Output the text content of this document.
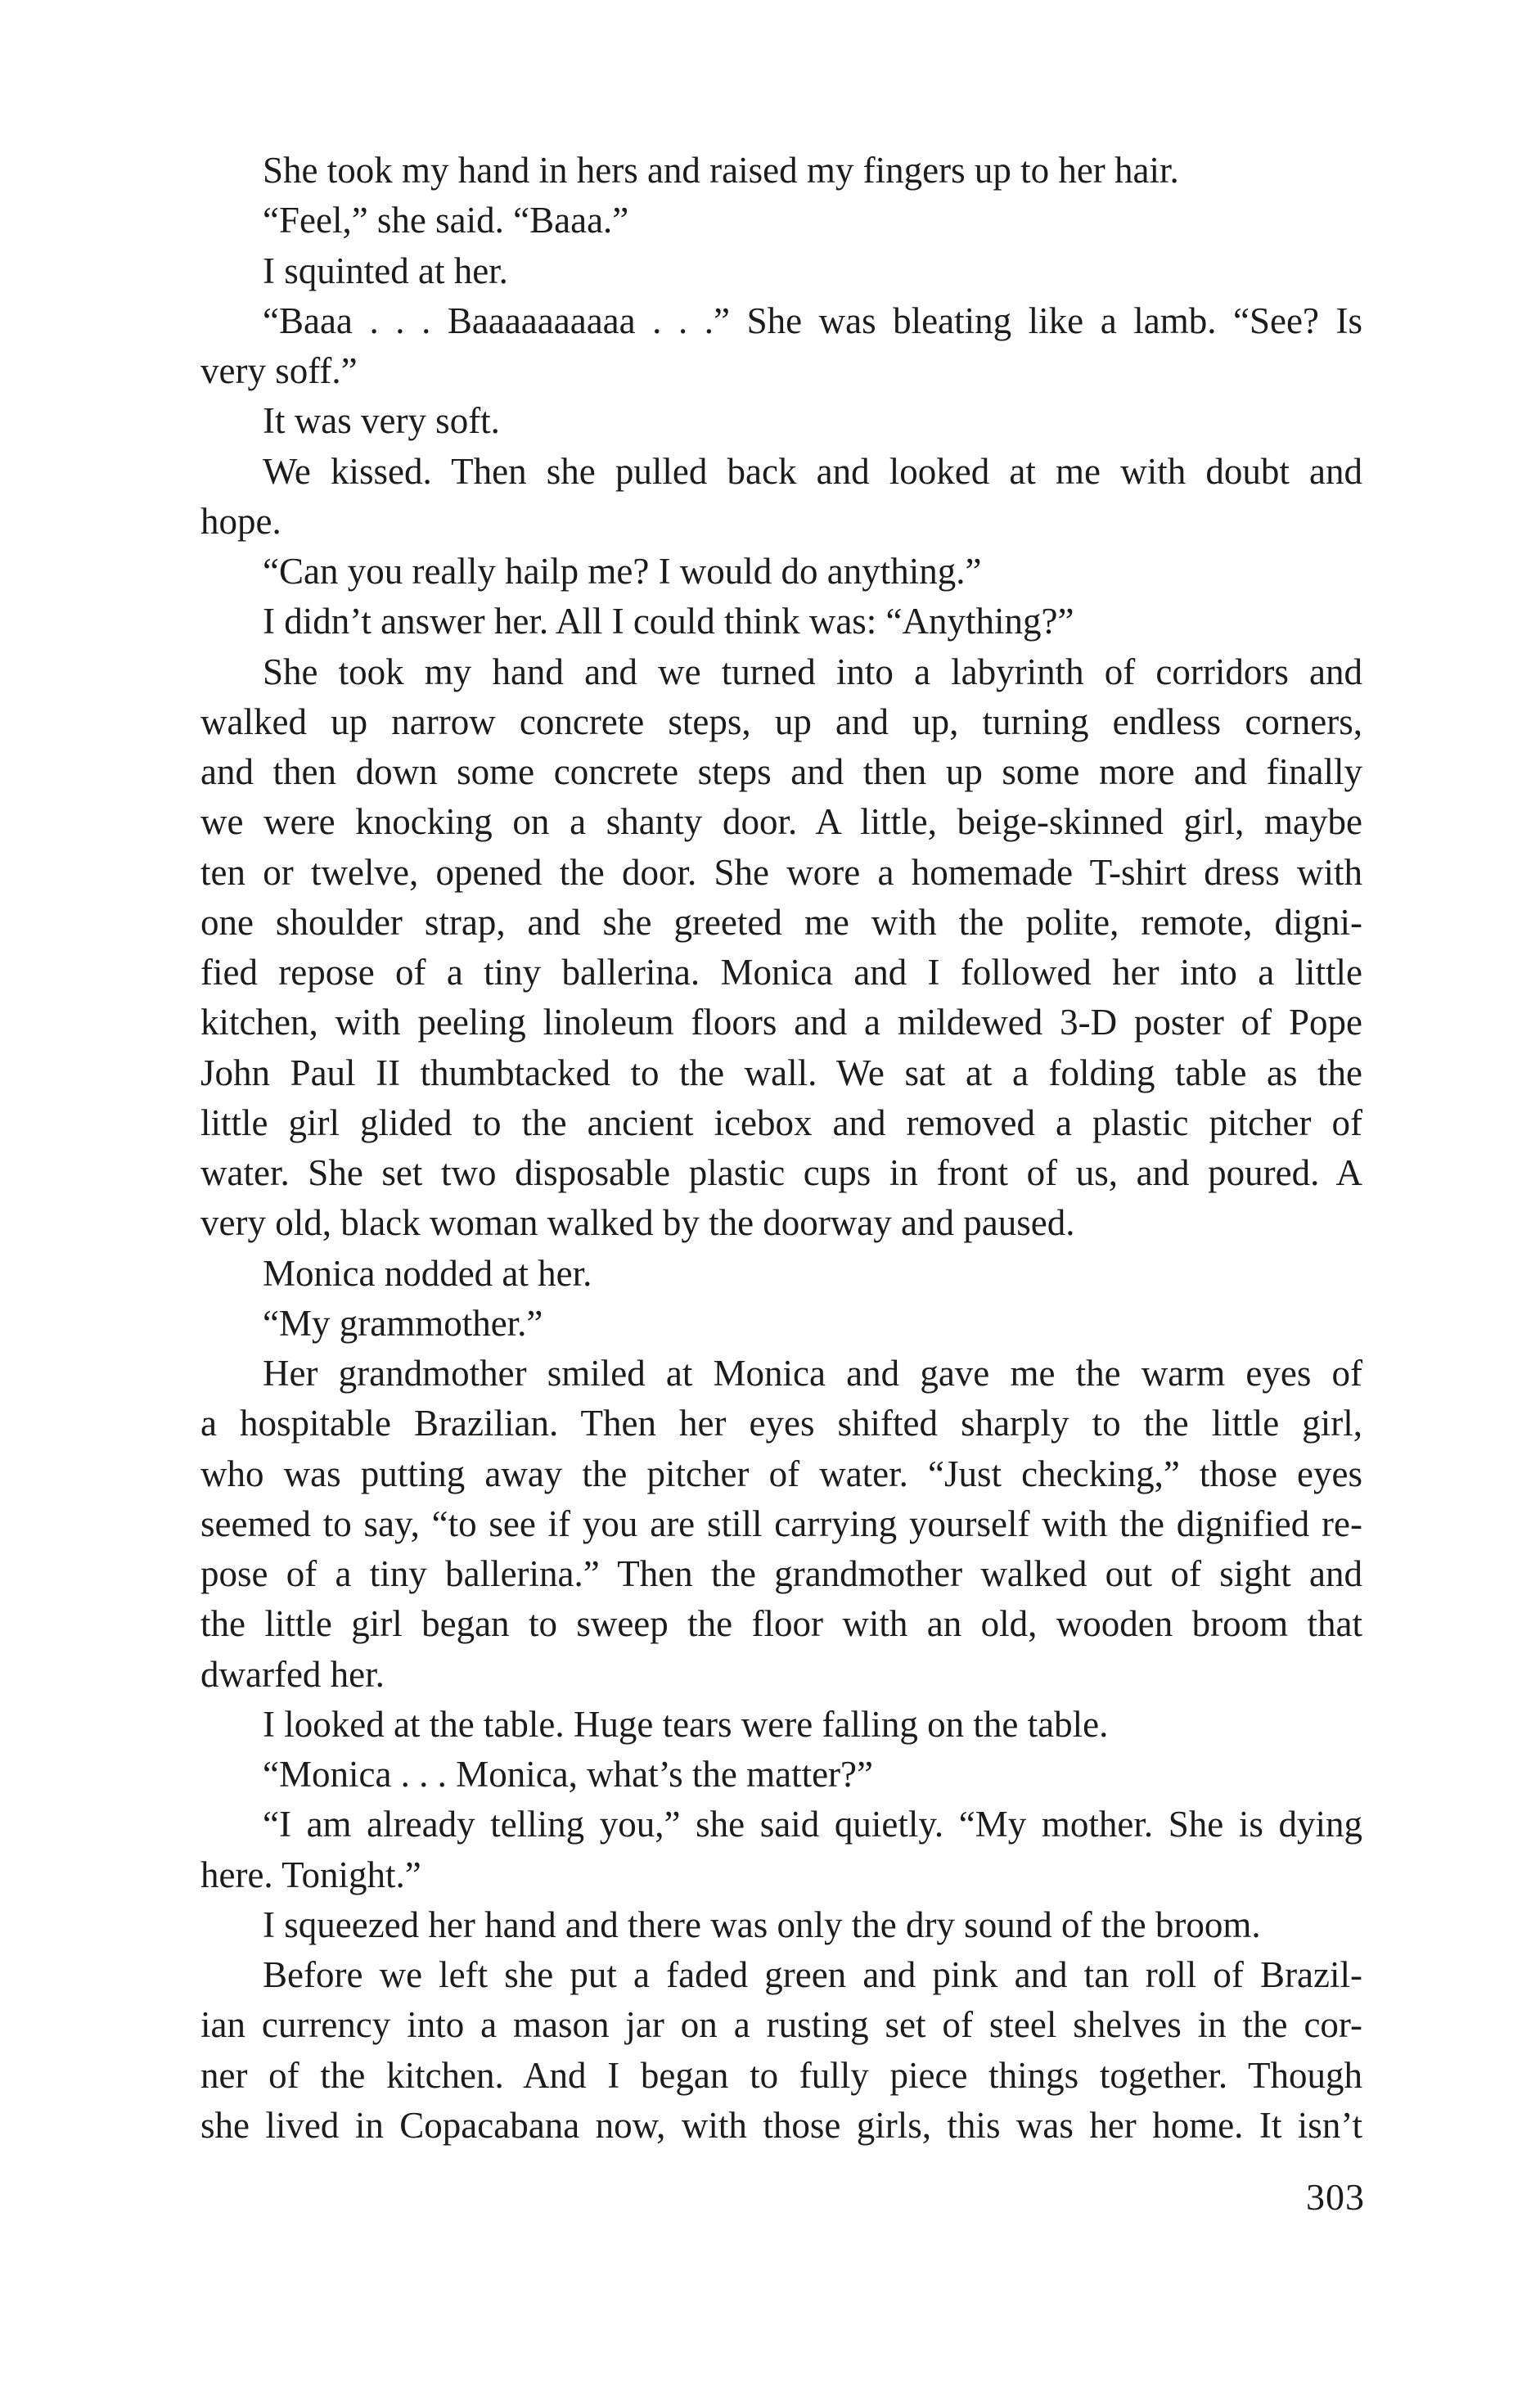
She took my hand in hers and raised my fingers up to her hair.
“Feel,” she said. “Baaa.”
I squinted at her.
“Baaa . . . Baaaaaaaaaa . . .” She was bleating like a lamb. “See? Is
very soff.”
It was very soft.
We kissed. Then she pulled back and looked at me with doubt and
hope.
“Can you really hailp me? I would do anything.”
I didn’t answer her. All I could think was: “Anything?”
She took my hand and we turned into a labyrinth of corridors and
walked up narrow concrete steps, up and up, turning endless corners,
and then down some concrete steps and then up some more and finally
we were knocking on a shanty door. A little, beige-skinned girl, maybe
ten or twelve, opened the door. She wore a homemade T-shirt dress with
one shoulder strap, and she greeted me with the polite, remote, digni-
fied repose of a tiny ballerina. Monica and I followed her into a little
kitchen, with peeling linoleum floors and a mildewed 3-D poster of Pope
John Paul II thumbtacked to the wall. We sat at a folding table as the
little girl glided to the ancient icebox and removed a plastic pitcher of
water. She set two disposable plastic cups in front of us, and poured. A
very old, black woman walked by the doorway and paused.
Monica nodded at her.
“My grammother.”
Her grandmother smiled at Monica and gave me the warm eyes of
a hospitable Brazilian. Then her eyes shifted sharply to the little girl,
who was putting away the pitcher of water. “Just checking,” those eyes
seemed to say, “to see if you are still carrying yourself with the dignified re-
pose of a tiny ballerina.” Then the grandmother walked out of sight and
the little girl began to sweep the floor with an old, wooden broom that
dwarfed her.
I looked at the table. Huge tears were falling on the table.
“Monica . . . Monica, what’s the matter?”
“I am already telling you,” she said quietly. “My mother. She is dying
here. Tonight.”
I squeezed her hand and there was only the dry sound of the broom.
Before we left she put a faded green and pink and tan roll of Brazil-
ian currency into a mason jar on a rusting set of steel shelves in the cor-
ner of the kitchen. And I began to fully piece things together. Though
she lived in Copacabana now, with those girls, this was her home. It isn’t
303
